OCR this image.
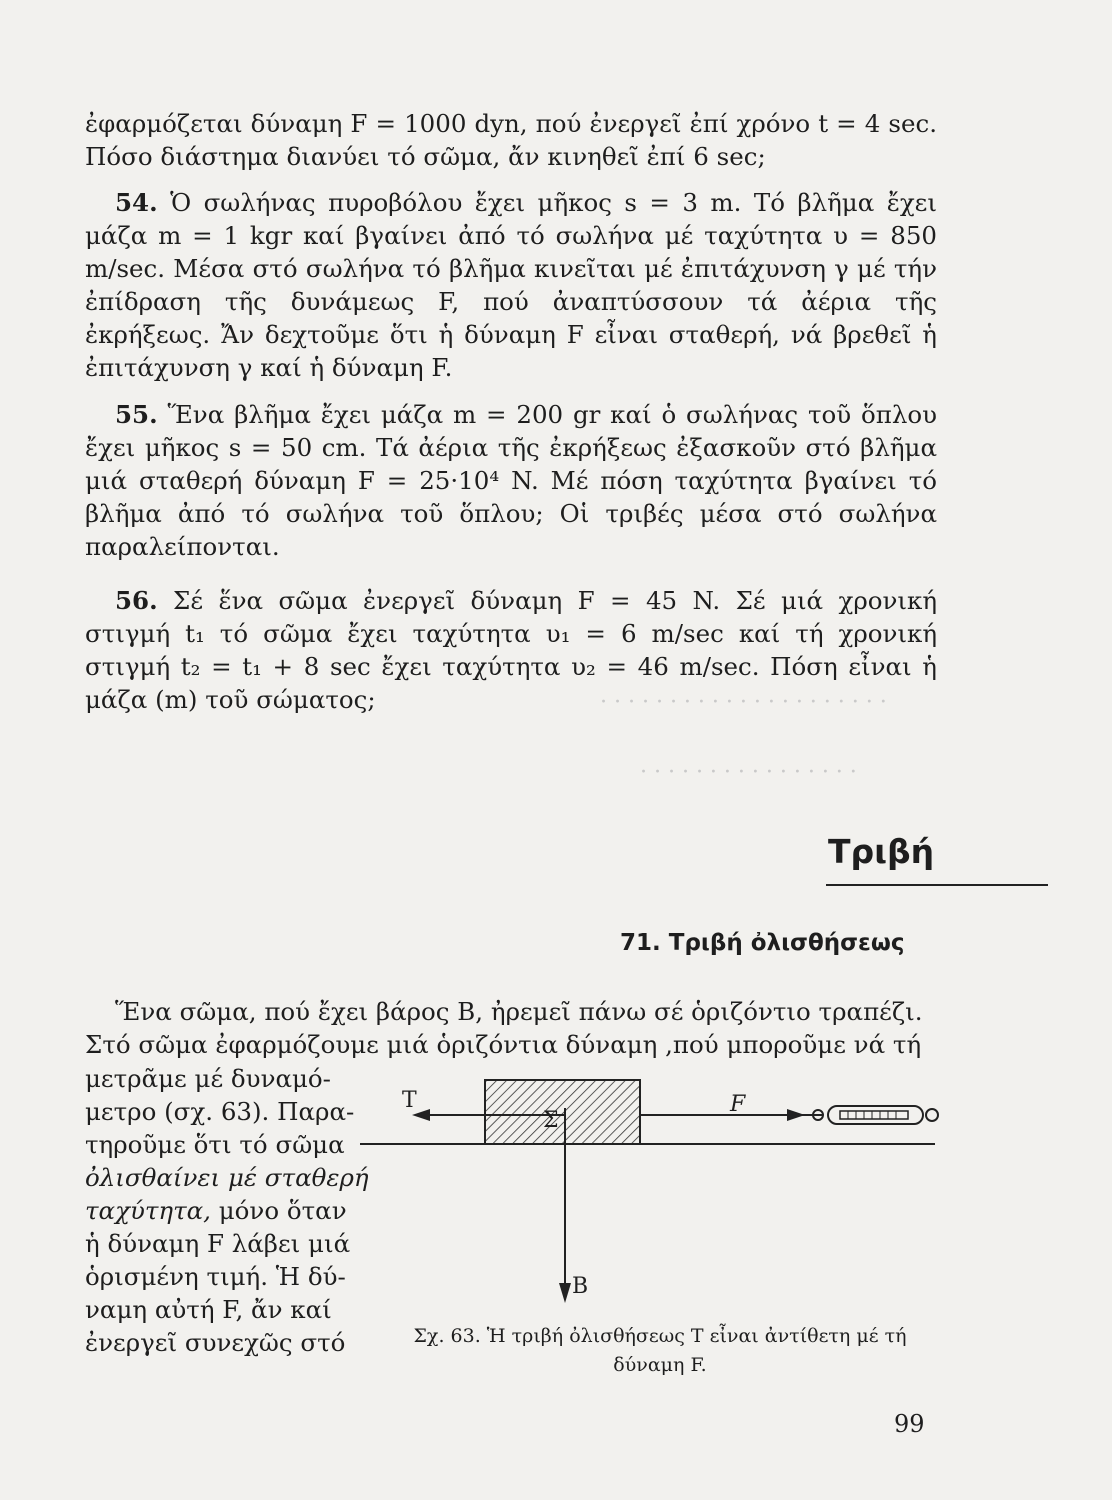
· · · · · · · · · · · · · · · · · · · · ·
· · · · · · · · · · · · · · · ·

ἐφαρμόζεται δύναμη F = 1000 dyn, πού ἐνεργεῖ ἐπί χρόνο t = 4 sec. Πόσο διάστημα διανύει τό σῶμα, ἄν κινηθεῖ ἐπί 6 sec;

54. Ὁ σωλήνας πυροβόλου ἔχει μῆκος s = 3 m. Τό βλῆμα ἔχει μάζα m = 1 kgr καί βγαίνει ἀπό τό σωλήνα μέ ταχύτητα υ = 850 m/sec. Μέσα στό σωλήνα τό βλῆμα κινεῖται μέ ἐπιτάχυνση γ μέ τήν ἐπίδραση τῆς δυνάμεως F, πού ἀναπτύσσουν τά ἀέρια τῆς ἐκρήξεως. Ἄν δεχτοῦμε ὅτι ἡ δύναμη F εἶναι σταθερή, νά βρεθεῖ ἡ ἐπιτάχυνση γ καί ἡ δύναμη F.

55. Ἕνα βλῆμα ἔχει μάζα m = 200 gr καί ὁ σωλήνας τοῦ ὅπλου ἔχει μῆκος s = 50 cm. Τά ἀέρια τῆς ἐκρήξεως ἐξασκοῦν στό βλῆμα μιά σταθερή δύναμη F = 25·10⁴ N. Μέ πόση ταχύτητα βγαίνει τό βλῆμα ἀπό τό σωλήνα τοῦ ὅπλου; Οἱ τριβές μέσα στό σωλήνα παραλείπονται.

56. Σέ ἕνα σῶμα ἐνεργεῖ δύναμη F = 45 N. Σέ μιά χρονική στιγμή t₁ τό σῶμα ἔχει ταχύτητα υ₁ = 6 m/sec καί τή χρονική στιγμή t₂ = t₁ + 8 sec ἔχει ταχύτητα υ₂ = 46 m/sec. Πόση εἶναι ἡ μάζα (m) τοῦ σώματος;

Τριβή
71. Τριβή ὀλισθήσεως

Ἕνα σῶμα, πού ἔχει βάρος Β, ἠρεμεῖ πάνω σέ ὁριζόντιο τραπέζι.

Στό σῶμα ἐφαρμόζουμε μιά ὁριζόντια δύναμη ,πού μποροῦμε νά τή

μετρᾶμε μέ δυναμό-
μετρο (σχ. 63). Παρα-
τηροῦμε ὅτι τό σῶμα
ὀλισθαίνει μέ σταθερή
ταχύτητα, μόνο ὅταν
ἡ δύναμη F λάβει μιά
ὁρισμένη τιμή. Ἡ δύ-
ναμη αὐτή F, ἄν καί
ἐνεργεῖ συνεχῶς στό
T	F
Σ
B

Σχ. 63. Ἡ τριβή ὀλισθήσεως T εἶναι ἀντίθετη μέ τή δύναμη F.

99
